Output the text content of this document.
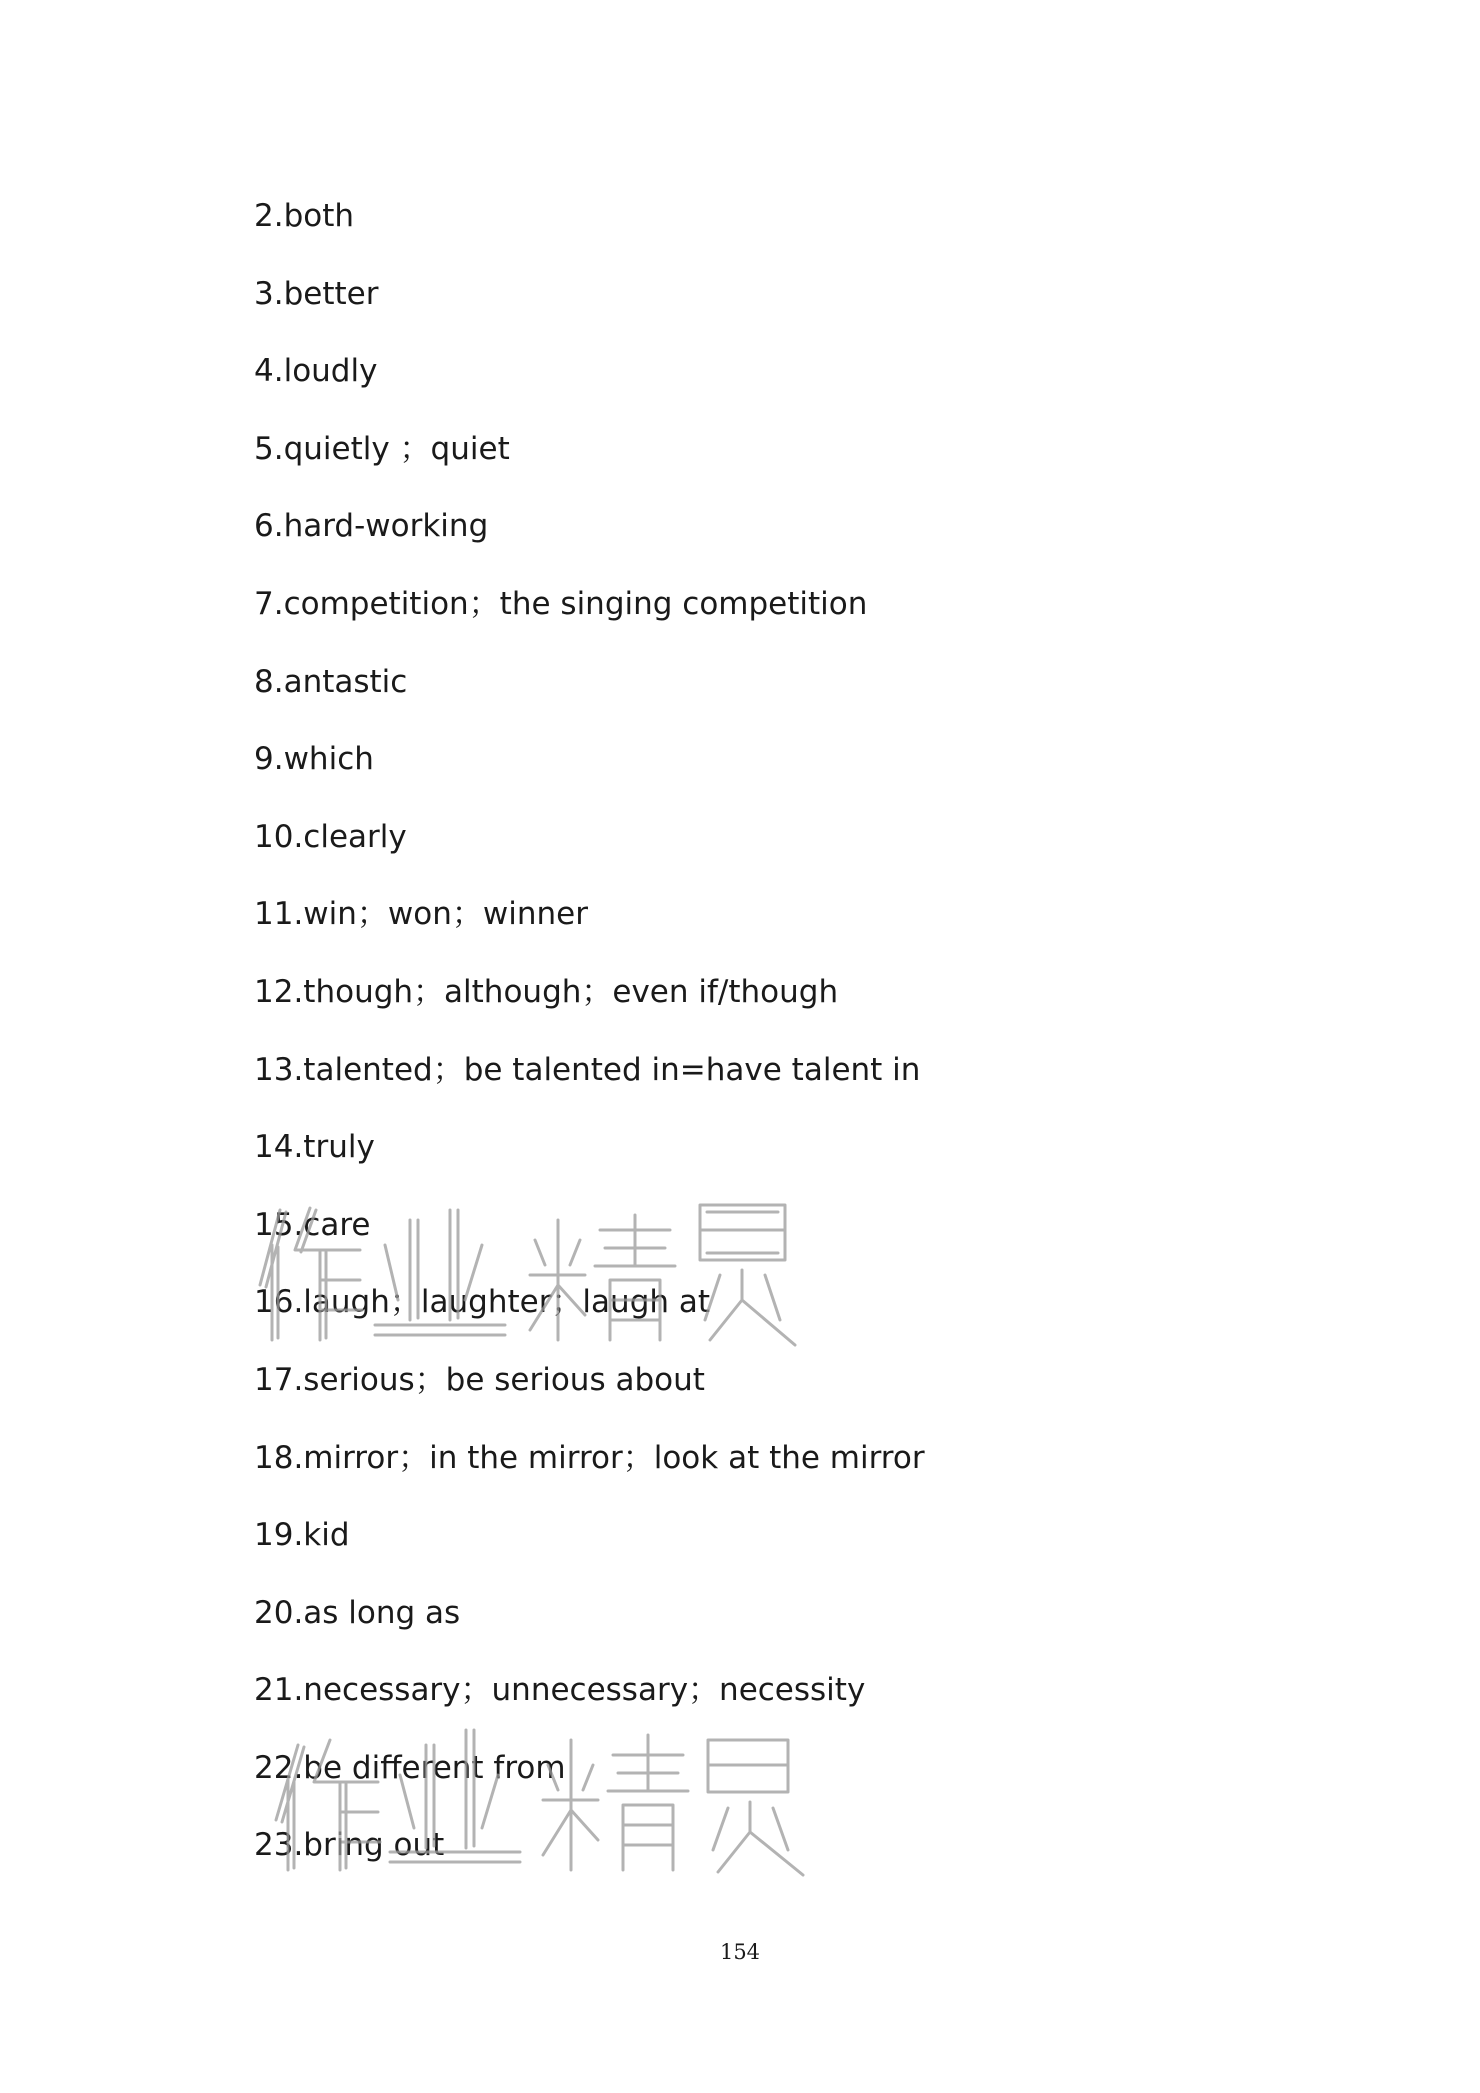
2.both
3.better
4.loudly
5.quietly ；quiet
6.hard-working
7.competition；the singing competition
8.antastic
9.which
10.clearly
11.win；won；winner
12.though；although；even if/though
13.talented；be talented in=have talent in
14.truly
15.care
16.laugh；laughter；laugh at
17.serious；be serious about
18.mirror；in the mirror；look at the mirror
19.kid
20.as long as
21.necessary；unnecessary；necessity
22.be different from
23.bring out
154
